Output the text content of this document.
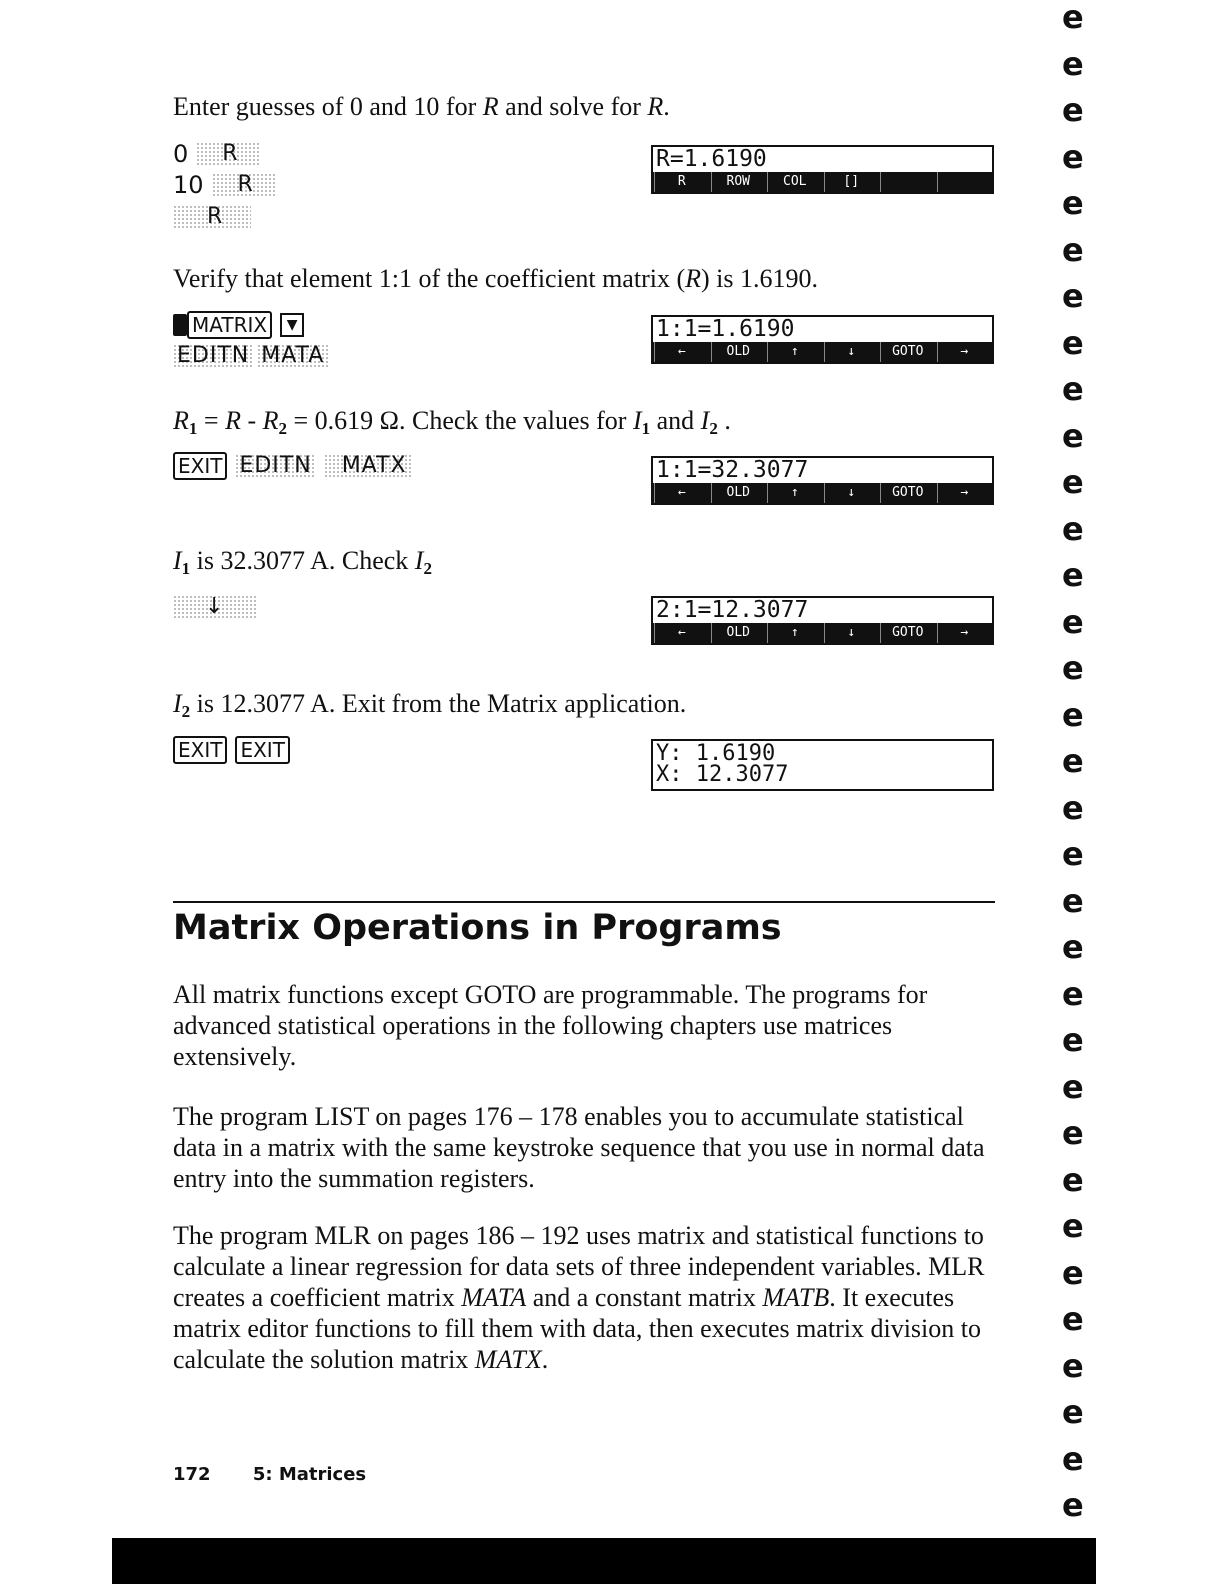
Enter guesses of 0 and 10 for R and solve for R.
0	R
10	R
R
R=1.6190
R	ROW	COL	[]
Verify that element 1:1 of the coefficient matrix (R) is 1.6190.
MATRIX	▼
EDITN MATA
1:1=1.6190
←	OLD	↑	↓	GOTO	→
$R_1 = R - R_2 = 0.619$ Ω. Check the values for $I_1$ and $I_2$ .
EXIT EDITN	MATX	1:1=32.3077
←	OLD	↑	↓	GOTO	→
$I_1$ is 32.3077 A. Check $I_2$
↓	2:1=12.3077
←	OLD	↑	↓	GOTO	→
$I_2$ is 12.3077 A. Exit from the Matrix application.
EXIT EXIT	Y: 1.6190
X: 12.3077
Matrix Operations in Programs
All matrix functions except GOTO are programmable. The programs for advanced statistical operations in the following chapters use matrices extensively.
The program LIST on pages 176 – 178 enables you to accumulate statistical data in a matrix with the same keystroke sequence that you use in normal data entry into the summation registers.
The program MLR on pages 186 – 192 uses matrix and statistical functions to calculate a linear regression for data sets of three independent variables. MLR creates a coefficient matrix MATA and a constant matrix MATB. It executes matrix editor functions to fill them with data, then executes matrix division to calculate the solution matrix MATX.
172 5: Matrices
e
e
e
e
e
e
e
e
e
e
e
e
e
e
e
e
e
e
e
e
e
e
e
e
e
e
e
e
e
e
e
e
e
